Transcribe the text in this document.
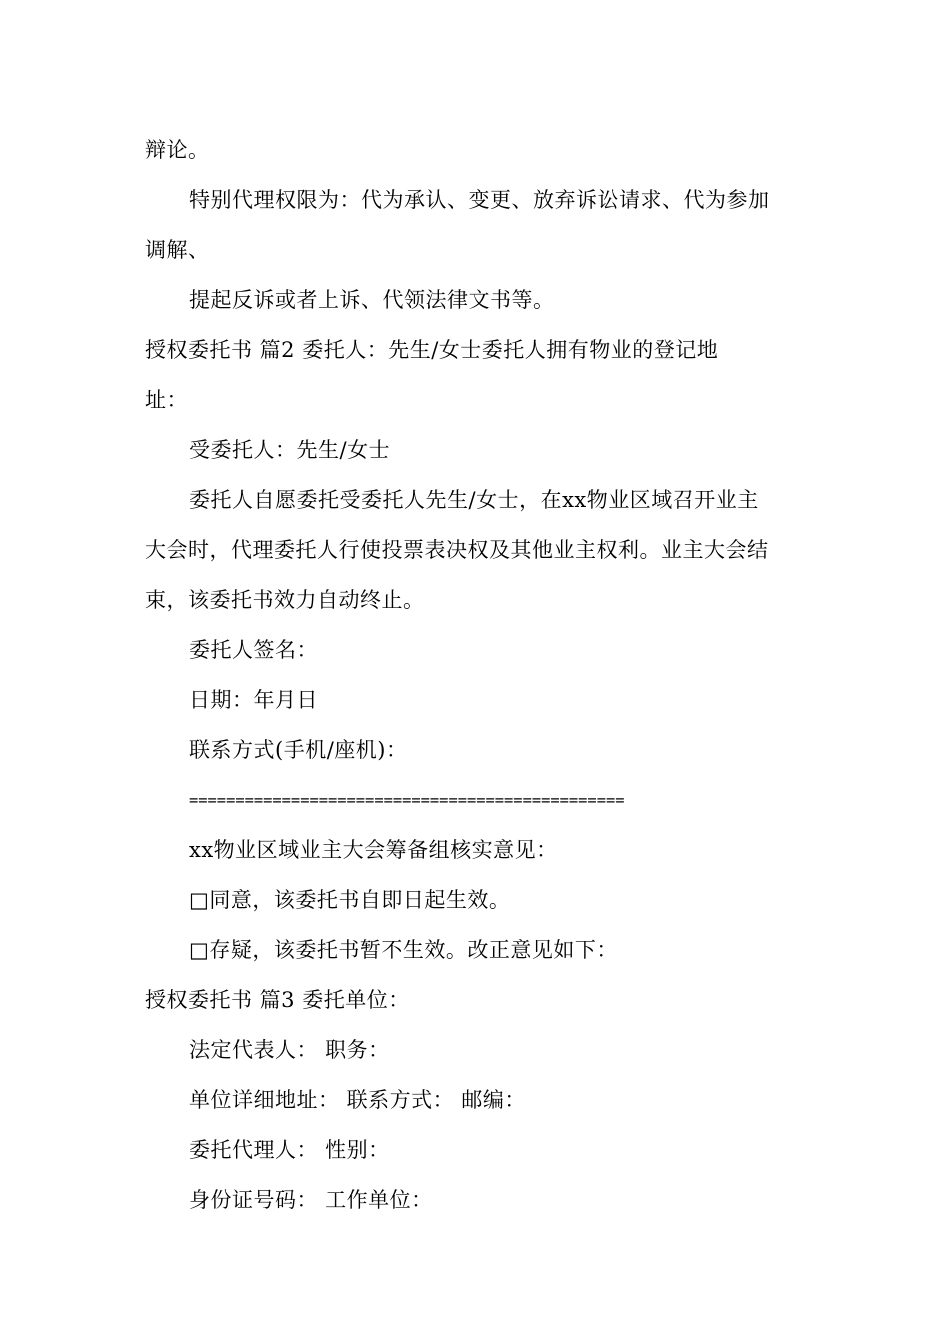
辩论。
特别代理权限为：代为承认、变更、放弃诉讼请求、代为参加
调解、
提起反诉或者上诉、代领法律文书等。
授权委托书 篇2 委托人：先生/女士委托人拥有物业的登记地
址：
受委托人：先生/女士
委托人自愿委托受委托人先生/女士，在xx物业区域召开业主
大会时，代理委托人行使投票表决权及其他业主权利。业主大会结
束，该委托书效力自动终止。
委托人签名：
日期：年月日
联系方式(手机/座机)：
===============================================
xx物业区域业主大会筹备组核实意见：
□同意，该委托书自即日起生效。
□存疑，该委托书暂不生效。改正意见如下：
授权委托书 篇3 委托单位：
法定代表人： 职务：
单位详细地址： 联系方式： 邮编：
委托代理人： 性别：
身份证号码： 工作单位：
